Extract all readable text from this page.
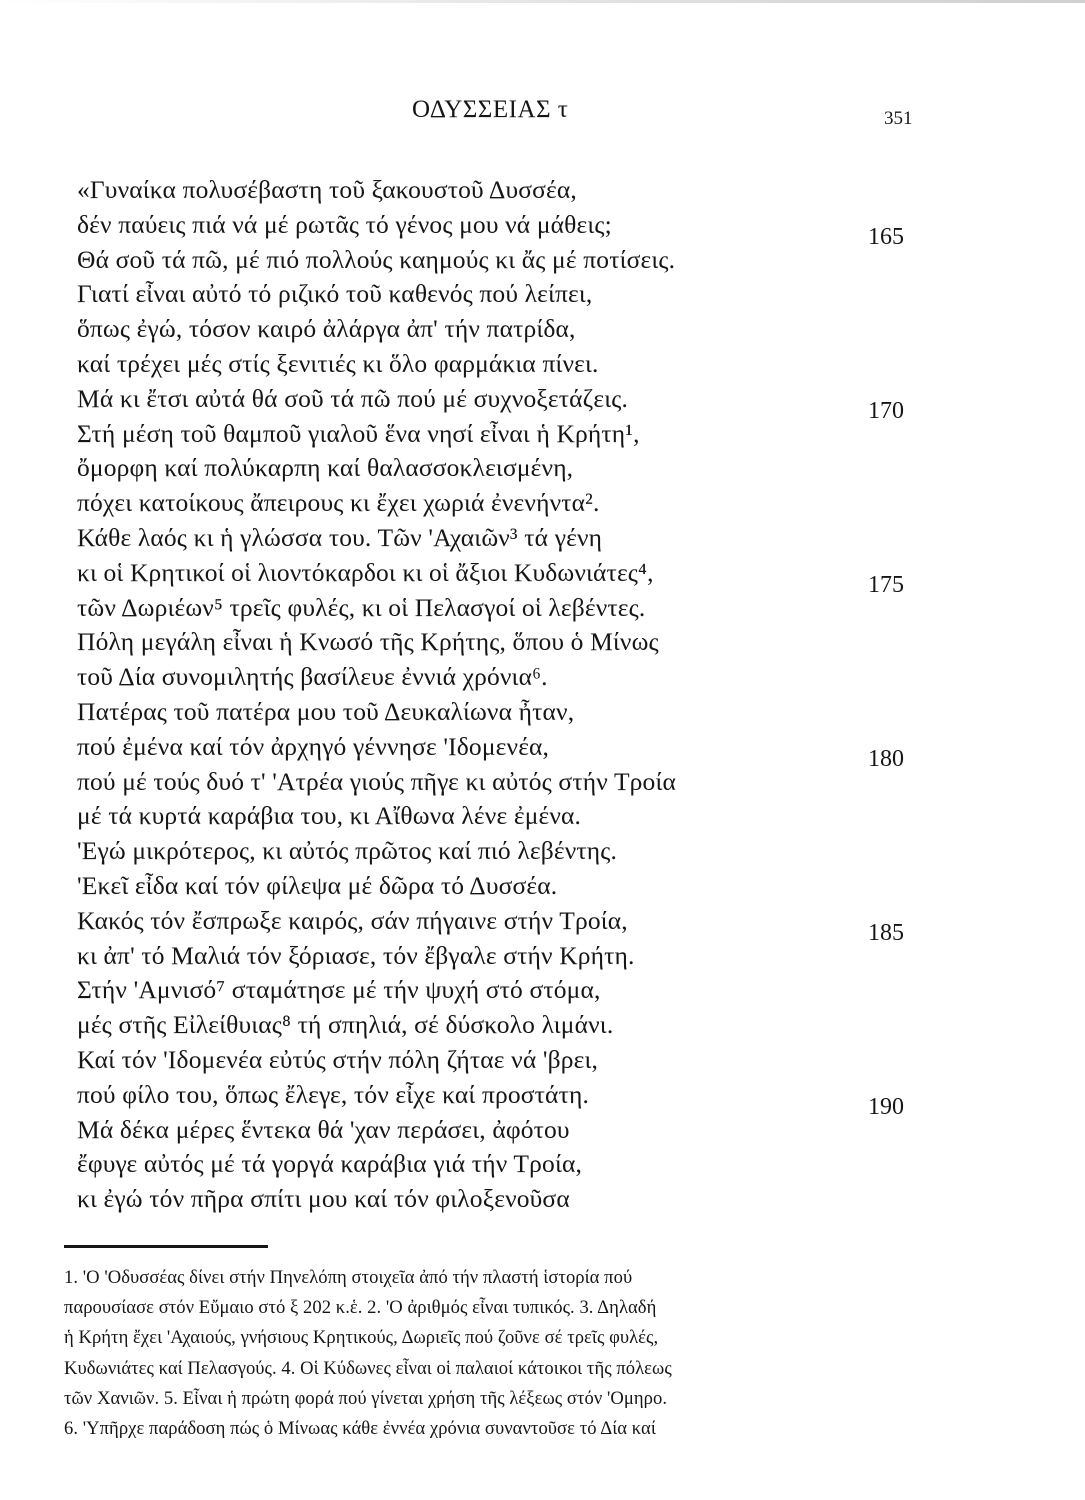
ΟΔΥΣΣΕΙΑΣ τ	351
«Γυναίκα πολυσέβαστη τοῦ ξακουστοῦ Δυσσέα,
δέν παύεις πιά νά μέ ρωτᾶς τό γένος μου νά μάθεις;
Θά σοῦ τά πῶ, μέ πιό πολλούς καημούς κι ἄς μέ ποτίσεις.
Γιατί εἶναι αὐτό τό ριζικό τοῦ καθενός πού λείπει,
ὅπως ἐγώ, τόσον καιρό ἀλάργα ἀπ' τήν πατρίδα,
καί τρέχει μές στίς ξενιτιές κι ὅλο φαρμάκια πίνει.
Μά κι ἔτσι αὐτά θά σοῦ τά πῶ πού μέ συχνοξετάζεις.
Στή μέση τοῦ θαμποῦ γιαλοῦ ἕνα νησί εἶναι ἡ Κρήτη¹,
ὄμορφη καί πολύκαρπη καί θαλασσοκλεισμένη,
πόχει κατοίκους ἄπειρους κι ἔχει χωριά ἐνενήντα².
Κάθε λαός κι ἡ γλώσσα του. Τῶν 'Αχαιῶν³ τά γένη
κι οἱ Κρητικοί οἱ λιοντόκαρδοι κι οἱ ἄξιοι Κυδωνιάτες⁴,
τῶν Δωριέων⁵ τρεῖς φυλές, κι οἱ Πελασγοί οἱ λεβέντες.
Πόλη μεγάλη εἶναι ἡ Κνωσό τῆς Κρήτης, ὅπου ὁ Μίνως
τοῦ Δία συνομιλητής βασίλευε ἐννιά χρόνια⁶.
Πατέρας τοῦ πατέρα μου τοῦ Δευκαλίωνα ἦταν,
πού ἐμένα καί τόν ἀρχηγό γέννησε 'Ιδομενέα,
πού μέ τούς δυό τ' 'Ατρέα γιούς πῆγε κι αὐτός στήν Τροία
μέ τά κυρτά καράβια του, κι Αἴθωνα λένε ἐμένα.
'Εγώ μικρότερος, κι αὐτός πρῶτος καί πιό λεβέντης.
'Εκεῖ εἶδα καί τόν φίλεψα μέ δῶρα τό Δυσσέα.
Κακός τόν ἔσπρωξε καιρός, σάν πήγαινε στήν Τροία,
κι ἀπ' τό Μαλιά τόν ξόριασε, τόν ἔβγαλε στήν Κρήτη.
Στήν 'Αμνισό⁷ σταμάτησε μέ τήν ψυχή στό στόμα,
μές στῆς Εἰλείθυιας⁸ τή σπηλιά, σέ δύσκολο λιμάνι.
Καί τόν 'Ιδομενέα εὐτύς στήν πόλη ζήταε νά 'βρει,
πού φίλο του, ὅπως ἔλεγε, τόν εἶχε καί προστάτη.
Μά δέκα μέρες ἕντεκα θά 'χαν περάσει, ἀφότου
ἔφυγε αὐτός μέ τά γοργά καράβια γιά τήν Τροία,
κι ἐγώ τόν πῆρα σπίτι μου καί τόν φιλοξενοῦσα
165
170
175
180
185
190
1. 'Ο 'Οδυσσέας δίνει στήν Πηνελόπη στοιχεῖα ἀπό τήν πλαστή ἱστορία πού
παρουσίασε στόν Εὔμαιο στό ξ 202 κ.ἑ. 2. 'Ο ἀριθμός εἶναι τυπικός. 3. Δηλαδή
ἡ Κρήτη ἔχει 'Αχαιούς, γνήσιους Κρητικούς, Δωριεῖς πού ζοῦνε σέ τρεῖς φυλές,
Κυδωνιάτες καί Πελασγούς. 4. Οἱ Κύδωνες εἶναι οἱ παλαιοί κάτοικοι τῆς πόλεως
τῶν Χανιῶν. 5. Εἶναι ἡ πρώτη φορά πού γίνεται χρήση τῆς λέξεως στόν 'Ομηρο.
6. 'Υπῆρχε παράδοση πώς ὁ Μίνωας κάθε ἐννέα χρόνια συναντοῦσε τό Δία καί
